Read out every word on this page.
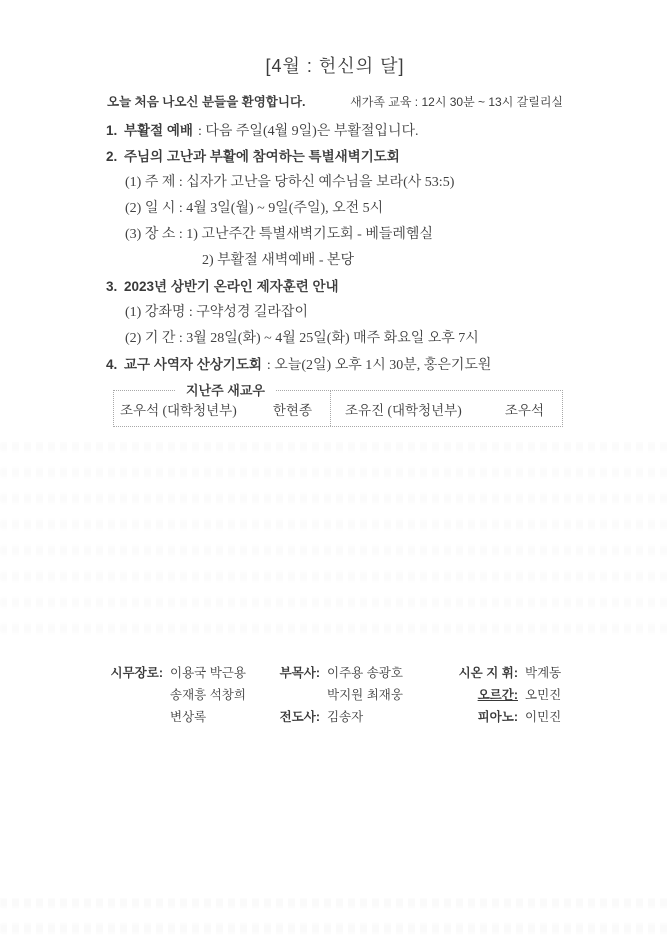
[4월 : 헌신의 달]
오늘 처음 나오신 분들을 환영합니다.	새가족 교육 : 12시 30분 ~ 13시 갈릴리실
1. 부활절 예배 : 다음 주일(4월 9일)은 부활절입니다.
2. 주님의 고난과 부활에 참여하는 특별새벽기도회
(1) 주 제 : 십자가 고난을 당하신 예수님을 보라(사 53:5)
(2) 일 시 : 4월 3일(월) ~ 9일(주일), 오전 5시
(3) 장 소 : 1) 고난주간 특별새벽기도회 - 베들레헴실
2) 부활절 새벽예배 - 본당
3. 2023년 상반기 온라인 제자훈련 안내
(1) 강좌명 : 구약성경 길라잡이
(2) 기 간 : 3월 28일(화) ~ 4월 25일(화) 매주 화요일 오후 7시
4. 교구 사역자 산상기도회 : 오늘(2일) 오후 1시 30분, 홍은기도원
지난주 새교우
조우석 (대학청년부)	한현종 조유진 (대학청년부)	조우석
시무장로: 이용국 박근용
송재흥 석창희
변상록
부목사: 이주용 송광호
박지원 최재웅
전도사: 김송자
시온 지 휘: 박계동
오르간: 오민진
피아노: 이민진
